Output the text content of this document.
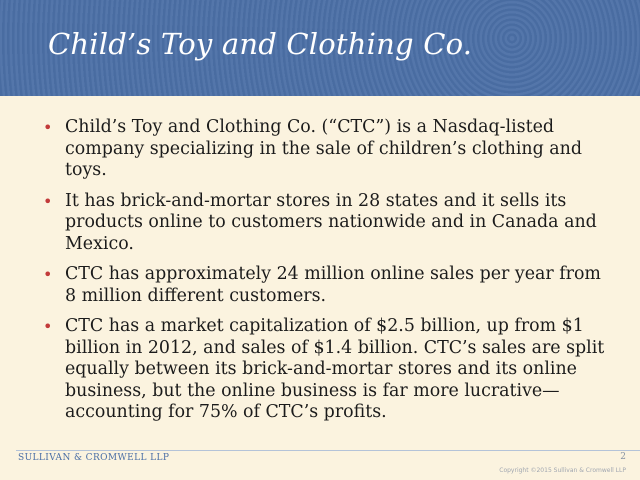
Child’s Toy and Clothing Co.
• Child’s Toy and Clothing Co. (“CTC”) is a Nasdaq-listed company specializing in the sale of children’s clothing and toys.
• It has brick-and-mortar stores in 28 states and it sells its products online to customers nationwide and in Canada and Mexico.
• CTC has approximately 24 million online sales per year from 8 million different customers.
• CTC has a market capitalization of $2.5 billion, up from $1 billion in 2012, and sales of $1.4 billion. CTC’s sales are split equally between its brick-and-mortar stores and its online business, but the online business is far more lucrative—accounting for 75% of CTC’s profits.
SULLIVAN & CROMWELL LLP	2
Copyright ©2015 Sullivan & Cromwell LLP
